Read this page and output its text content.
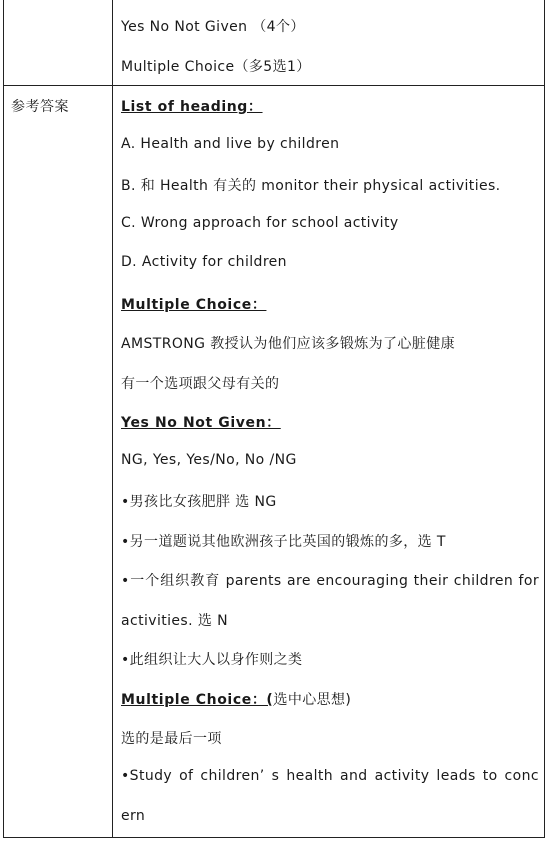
Yes No Not Given （4个）
Multiple Choice（多5选1）
参考答案	List of heading：
A. Health and live by children
B. 和 Health 有关的 monitor their physical activities.
C. Wrong approach for school activity
D. Activity for children
Multiple Choice：
AMSTRONG 教授认为他们应该多锻炼为了心脏健康
有一个选项跟父母有关的
Yes No Not Given：
NG, Yes, Yes/No, No /NG
•男孩比女孩肥胖 选 NG
•另一道题说其他欧洲孩子比英国的锻炼的多，选 T
•一个组织教育 parents are encouraging their children for
activities. 选 N
•此组织让大人以身作则之类
Multiple Choice：(选中心思想)
选的是最后一项
•Study of children’ s health and activity leads to conc
ern
